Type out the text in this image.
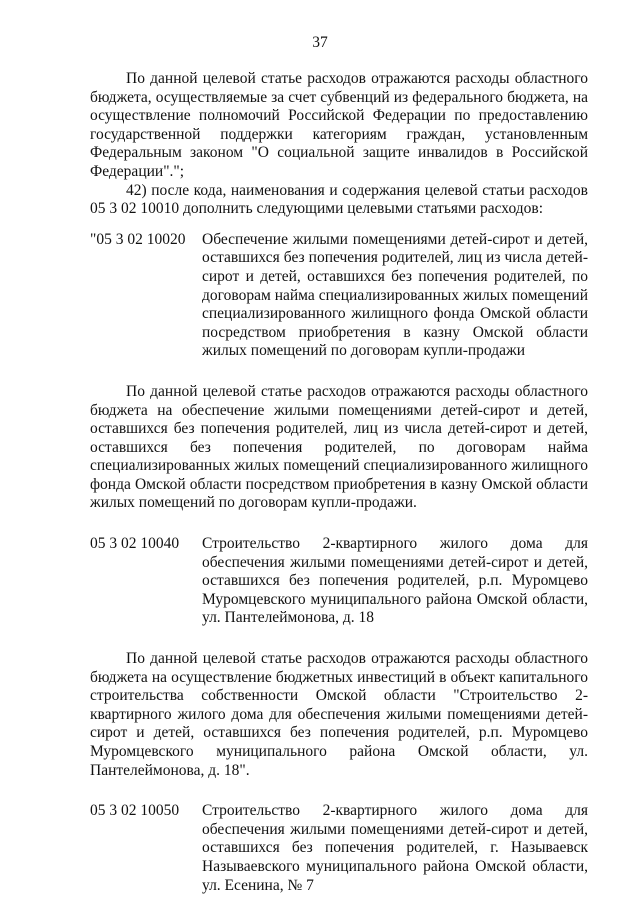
37

По данной целевой статье расходов отражаются расходы областного бюджета, осуществляемые за счет субвенций из федерального бюджета, на осуществление полномочий Российской Федерации по предоставлению государственной поддержки категориям граждан, установленным Федеральным законом "О социальной защите инвалидов в Российской Федерации".";

42) после кода, наименования и содержания целевой статьи расходов 05 3 02 10010 дополнить следующими целевыми статьями расходов:

"05 3 02 10020	Обеспечение жилыми помещениями детей-сирот и детей, оставшихся без попечения родителей, лиц из числа детей-сирот и детей, оставшихся без попечения родителей, по договорам найма специализированных жилых помещений специализированного жилищного фонда Омской области посредством приобретения в казну Омской области жилых помещений по договорам купли-продажи

По данной целевой статье расходов отражаются расходы областного бюджета на обеспечение жилыми помещениями детей-сирот и детей, оставшихся без попечения родителей, лиц из числа детей-сирот и детей, оставшихся без попечения родителей, по договорам найма специализированных жилых помещений специализированного жилищного фонда Омской области посредством приобретения в казну Омской области жилых помещений по договорам купли-продажи.

05 3 02 10040	Строительство 2-квартирного жилого дома для обеспечения жилыми помещениями детей-сирот и детей, оставшихся без попечения родителей, р.п. Муромцево Муромцевского муниципального района Омской области, ул. Пантелеймонова, д. 18

По данной целевой статье расходов отражаются расходы областного бюджета на осуществление бюджетных инвестиций в объект капитального строительства собственности Омской области "Строительство 2-квартирного жилого дома для обеспечения жилыми помещениями детей-сирот и детей, оставшихся без попечения родителей, р.п. Муромцево Муромцевского муниципального района Омской области, ул. Пантелеймонова, д. 18".

05 3 02 10050	Строительство 2-квартирного жилого дома для обеспечения жилыми помещениями детей-сирот и детей, оставшихся без попечения родителей, г. Называевск Называевского муниципального района Омской области, ул. Есенина, № 7
